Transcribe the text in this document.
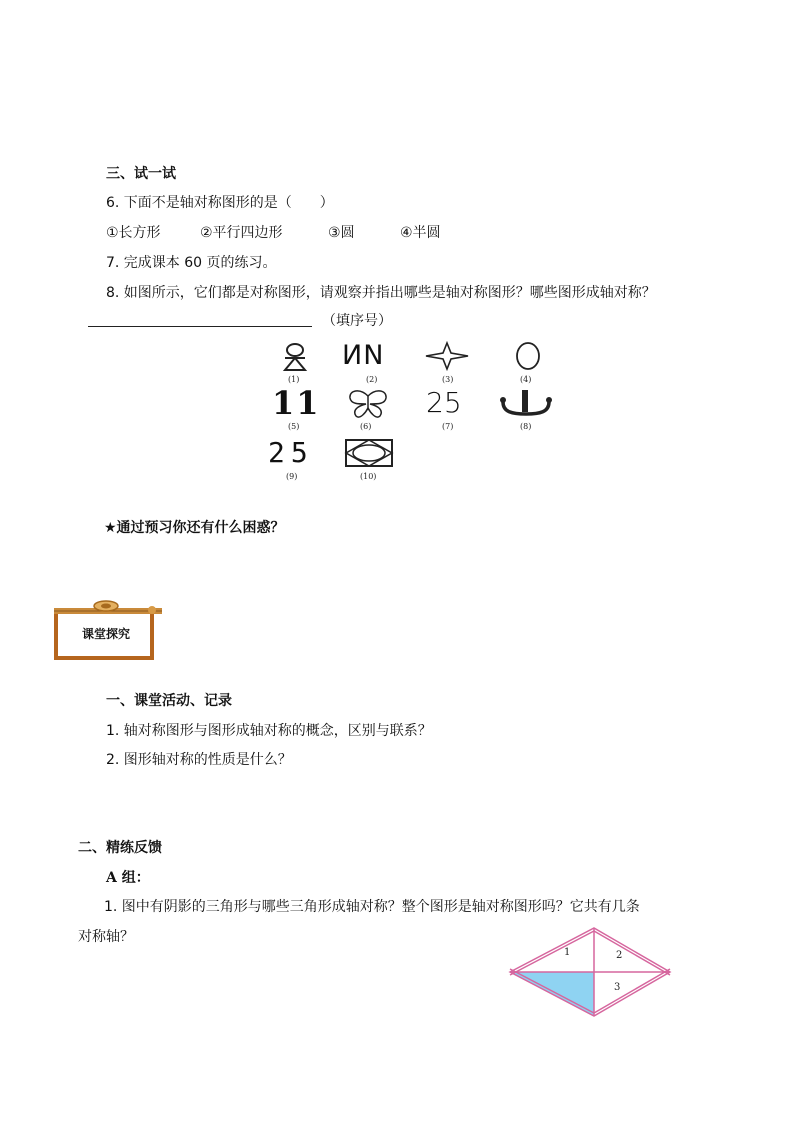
三、试一试
6. 下面不是轴对称图形的是（　　）
①长方形	②平行四边形	③圆	④半圆
7. 完成课本 60 页的练习。
8. 如图所示，它们都是对称图形，请观察并指出哪些是轴对称图形？哪些图形成轴对称？
（填序号）
(1)
ИN
(2)	(3)	(4)
11
(5)	(6)
25
(7)	(8)
25
(9)	(10)
★通过预习你还有什么困惑？
课堂探究
一、课堂活动、记录
1. 轴对称图形与图形成轴对称的概念，区别与联系？
2. 图形轴对称的性质是什么？
二、精练反馈
A 组：
1. 图中有阴影的三角形与哪些三角形成轴对称？整个图形是轴对称图形吗？它共有几条
对称轴？
1	2
3
